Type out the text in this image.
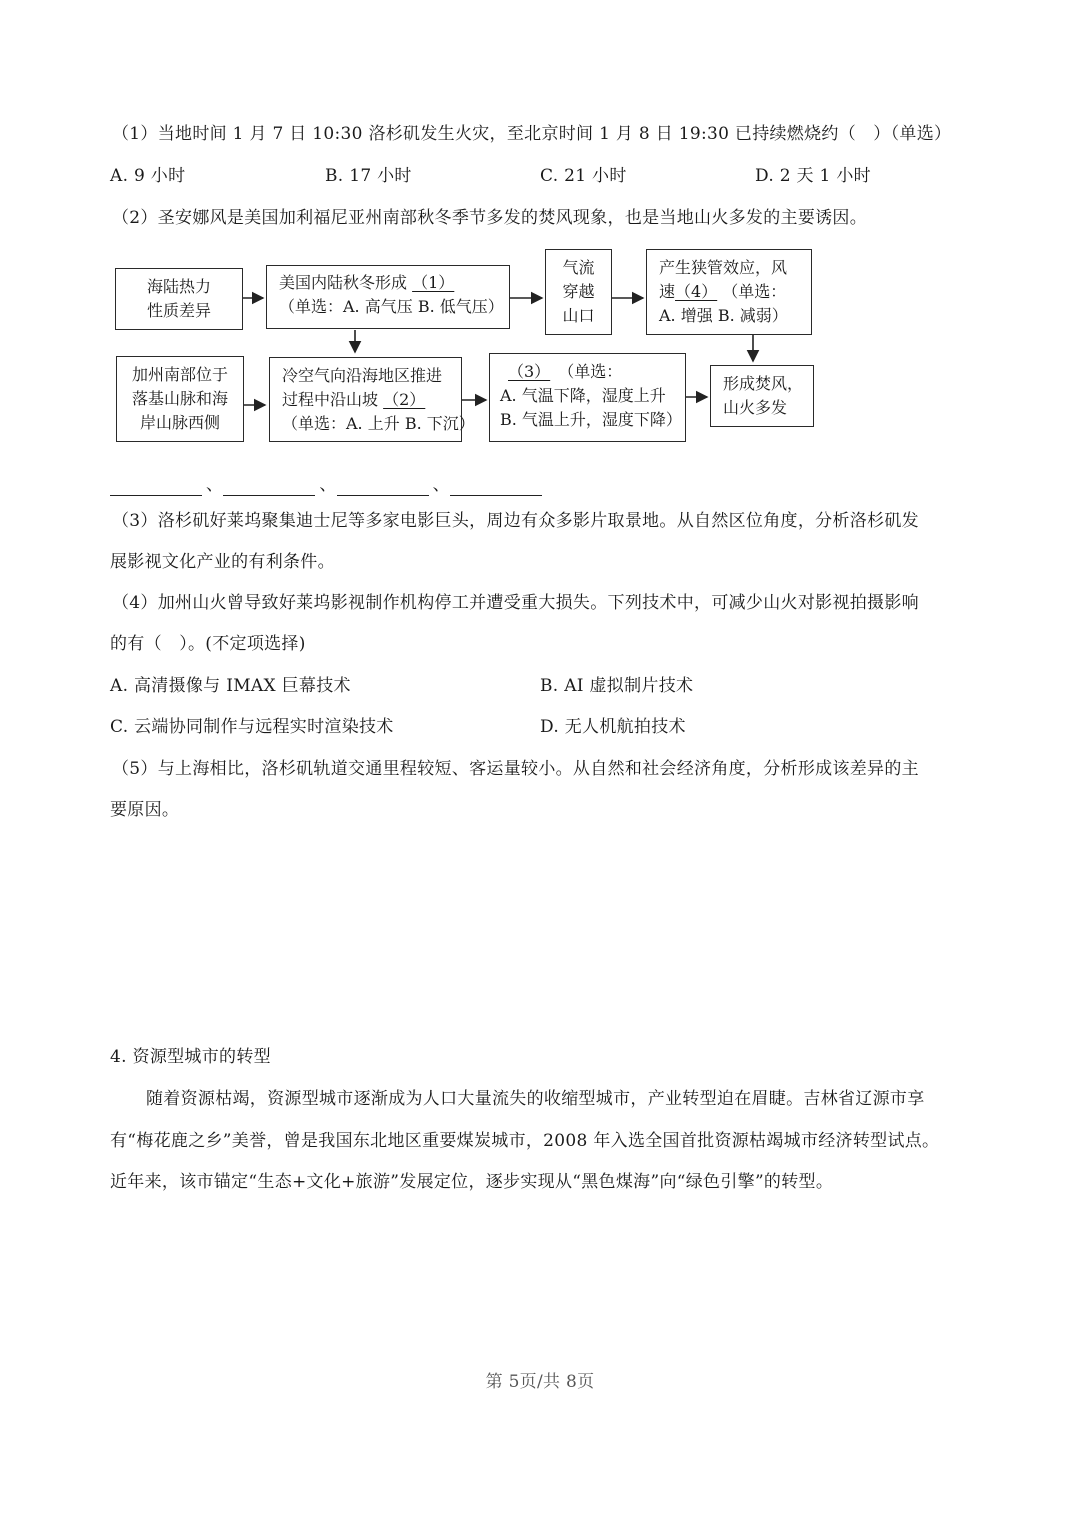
（1）当地时间 1 月 7 日 10:30 洛杉矶发生火灾，至北京时间 1 月 8 日 19:30 已持续燃烧约（　）（单选）
A. 9 小时	B. 17 小时	C. 21 小时	D. 2 天 1 小时
（2）圣安娜风是美国加利福尼亚州南部秋冬季节多发的焚风现象，也是当地山火多发的主要诱因。
海陆热力
性质差异
美国内陆秋冬形成 （1）  
（单选：A. 高气压 B. 低气压）
气流
穿越
山口
产生狭管效应，风
速（4） （单选：
A. 增强 B. 减弱）
加州南部位于
落基山脉和海
岸山脉西侧
冷空气向沿海地区推进
过程中沿山坡 （2） 
（单选：A. 上升 B. 下沉）
 （3）  （单选：
A. 气温下降，湿度上升
B. 气温上升，湿度下降）
形成焚风，
山火多发
、	、	、
（3）洛杉矶好莱坞聚集迪士尼等多家电影巨头，周边有众多影片取景地。从自然区位角度，分析洛杉矶发
展影视文化产业的有利条件。
（4）加州山火曾导致好莱坞影视制作机构停工并遭受重大损失。下列技术中，可减少山火对影视拍摄影响
的有（　）。(不定项选择)
A. 高清摄像与 IMAX 巨幕技术	B. AI 虚拟制片技术
C. 云端协同制作与远程实时渲染技术	D. 无人机航拍技术
（5）与上海相比，洛杉矶轨道交通里程较短、客运量较小。从自然和社会经济角度，分析形成该差异的主
要原因。
4. 资源型城市的转型
随着资源枯竭，资源型城市逐渐成为人口大量流失的收缩型城市，产业转型迫在眉睫。吉林省辽源市享
有“梅花鹿之乡”美誉，曾是我国东北地区重要煤炭城市，2008 年入选全国首批资源枯竭城市经济转型试点。
近年来，该市锚定“生态+文化+旅游”发展定位，逐步实现从“黑色煤海”向“绿色引擎”的转型。
第 5页/共 8页
